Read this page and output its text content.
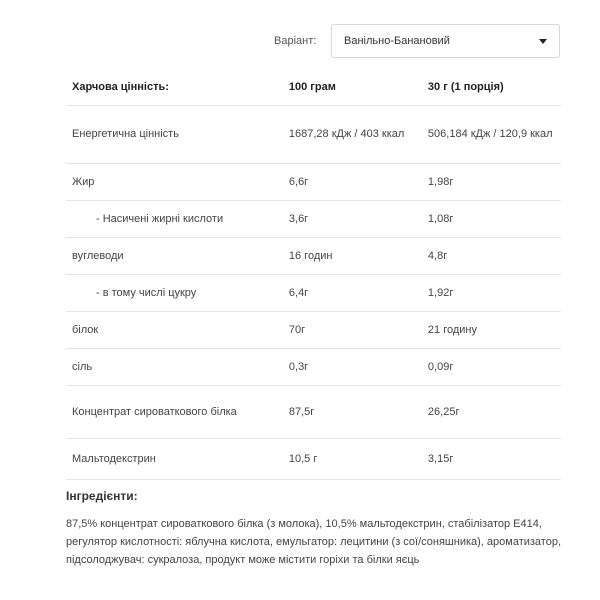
Варіант:	Ванільно-Банановий
Харчова цінність:	100 грам	30 г (1 порція)
Енергетична цінність	1687,28 кДж / 403 ккал	506,184 кДж / 120,9 ккал
Жир	6,6г	1,98г
- Насичені жирні кислоти	3,6г	1,08г
вуглеводи	16 годин	4,8г
- в тому числі цукру	6,4г	1,92г
білок	70г	21 годину
сіль	0,3г	0,09г
Концентрат сироваткового білка	87,5г	26,25г
Мальтодекстрин	10,5 г	3,15г
Інгредієнти:
87,5% концентрат сироваткового білка (з молока), 10,5% мальтодекстрин, стабілізатор E414, регулятор кислотності: яблучна кислота, емульгатор: лецитини (з сої/соняшника), ароматизатор, підсолоджувач: сукралоза, продукт може містити горіхи та білки яєць
